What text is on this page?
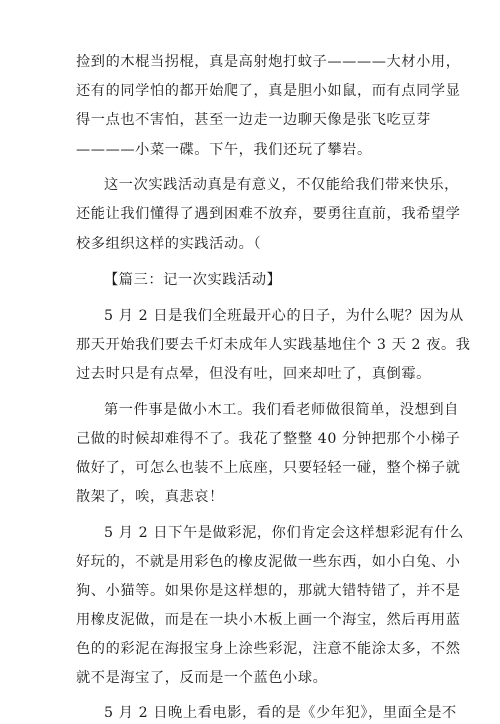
捡到的木棍当拐棍，真是高射炮打蚊子————大材小用，
还有的同学怕的都开始爬了，真是胆小如鼠，而有点同学显
得一点也不害怕，甚至一边走一边聊天像是张飞吃豆芽
————小菜一碟。下午，我们还玩了攀岩。
这一次实践活动真是有意义，不仅能给我们带来快乐，
还能让我们懂得了遇到困难不放弃，要勇往直前，我希望学
校多组织这样的实践活动。（
【篇三：记一次实践活动】
5 月 2 日是我们全班最开心的日子，为什么呢？因为从
那天开始我们要去千灯未成年人实践基地住个 3 天 2 夜。我
过去时只是有点晕，但没有吐，回来却吐了，真倒霉。
第一件事是做小木工。我们看老师做很简单，没想到自
己做的时候却难得不了。我花了整整 40 分钟把那个小梯子
做好了，可怎么也装不上底座，只要轻轻一碰，整个梯子就
散架了，唉，真悲哀！
5 月 2 日下午是做彩泥，你们肯定会这样想彩泥有什么
好玩的，不就是用彩色的橡皮泥做一些东西，如小白兔、小
狗、小猫等。如果你是这样想的，那就大错特错了，并不是
用橡皮泥做，而是在一块小木板上画一个海宝，然后再用蓝
色的的彩泥在海报宝身上涂些彩泥，注意不能涂太多，不然
就不是海宝了，反而是一个蓝色小球。
5 月 2 日晚上看电影，看的是《少年犯》，里面全是不
